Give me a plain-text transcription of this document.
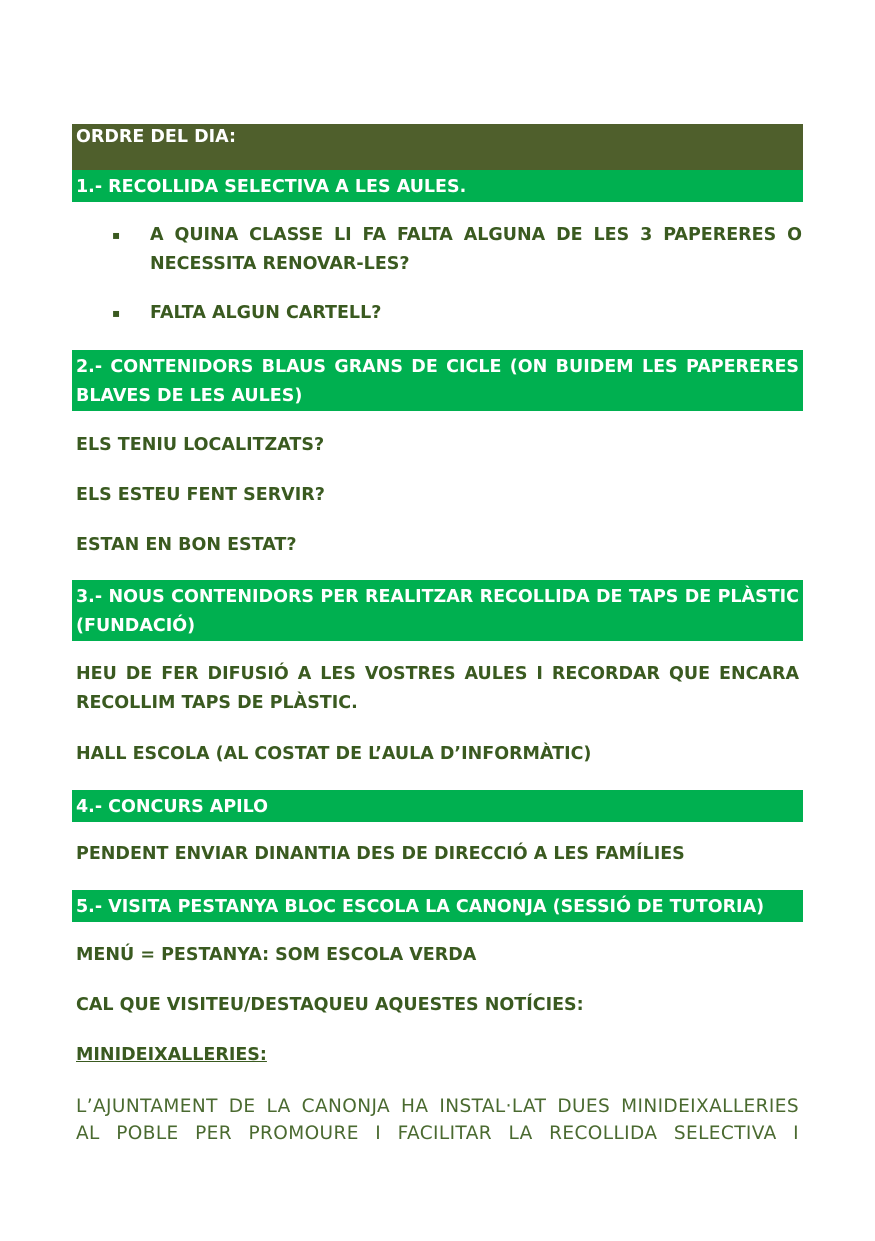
ORDRE DEL DIA:
1.- RECOLLIDA SELECTIVA A LES AULES.
▪ A QUINA CLASSE LI FA FALTA ALGUNA DE LES 3 PAPERERES O NECESSITA RENOVAR-LES?
▪ FALTA ALGUN CARTELL?
2.- CONTENIDORS BLAUS GRANS DE CICLE (ON BUIDEM LES PAPERERES BLAVES DE LES AULES)
ELS TENIU LOCALITZATS?
ELS ESTEU FENT SERVIR?
ESTAN EN BON ESTAT?
3.- NOUS CONTENIDORS PER REALITZAR RECOLLIDA DE TAPS DE PLÀSTIC (FUNDACIÓ)
HEU DE FER DIFUSIÓ A LES VOSTRES AULES I RECORDAR QUE ENCARA RECOLLIM TAPS DE PLÀSTIC.
HALL ESCOLA (AL COSTAT DE L’AULA D’INFORMÀTIC)
4.- CONCURS APILO
PENDENT ENVIAR DINANTIA DES DE DIRECCIÓ A LES FAMÍLIES
5.- VISITA PESTANYA BLOC ESCOLA LA CANONJA (SESSIÓ DE TUTORIA)
MENÚ = PESTANYA: SOM ESCOLA VERDA
CAL QUE VISITEU/DESTAQUEU AQUESTES NOTÍCIES:
MINIDEIXALLERIES:
L’AJUNTAMENT DE LA CANONJA HA INSTAL·LAT DUES MINIDEIXALLERIES
AL POBLE PER PROMOURE I FACILITAR LA RECOLLIDA SELECTIVA I
